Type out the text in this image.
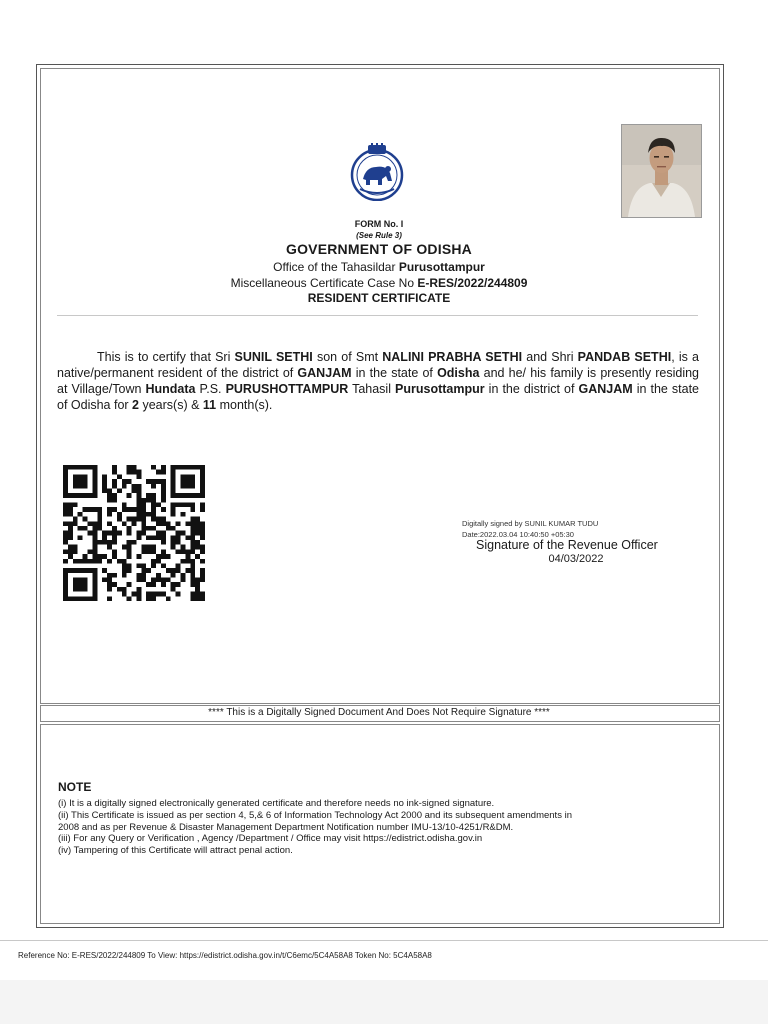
FORM No. I
(See Rule 3)
GOVERNMENT OF ODISHA
Office of the Tahasildar Purusottampur
Miscellaneous Certificate Case No E-RES/2022/244809
RESIDENT CERTIFICATE
This is to certify that Sri SUNIL SETHI son of Smt NALINI PRABHA SETHI and Shri PANDAB SETHI, is a native/permanent resident of the district of GANJAM in the state of Odisha and he/ his family is presently residing at Village/Town Hundata P.S. PURUSHOTTAMPUR Tahasil Purusottampur in the district of GANJAM in the state of Odisha for 2 years(s) & 11 month(s).
Digitally signed by SUNIL KUMAR TUDU
Date:2022.03.04 10:40:50 +05:30
Signature of the Revenue Officer
04/03/2022
**** This is a Digitally Signed Document And Does Not Require Signature ****
NOTE
(i) It is a digitally signed electronically generated certificate and therefore needs no ink-signed signature.
(ii) This Certificate is issued as per section 4, 5,& 6 of Information Technology Act 2000 and its subsequent amendments in
2008 and as per Revenue & Disaster Management Department Notification number IMU-13/10-4251/R&DM.
(iii) For any Query or Verification , Agency /Department / Office may visit https://edistrict.odisha.gov.in
(iv) Tampering of this Certificate will attract penal action.
Reference No: E-RES/2022/244809 To View: https://edistrict.odisha.gov.in/t/C6emc/5C4A58A8 Token No: 5C4A58A8
